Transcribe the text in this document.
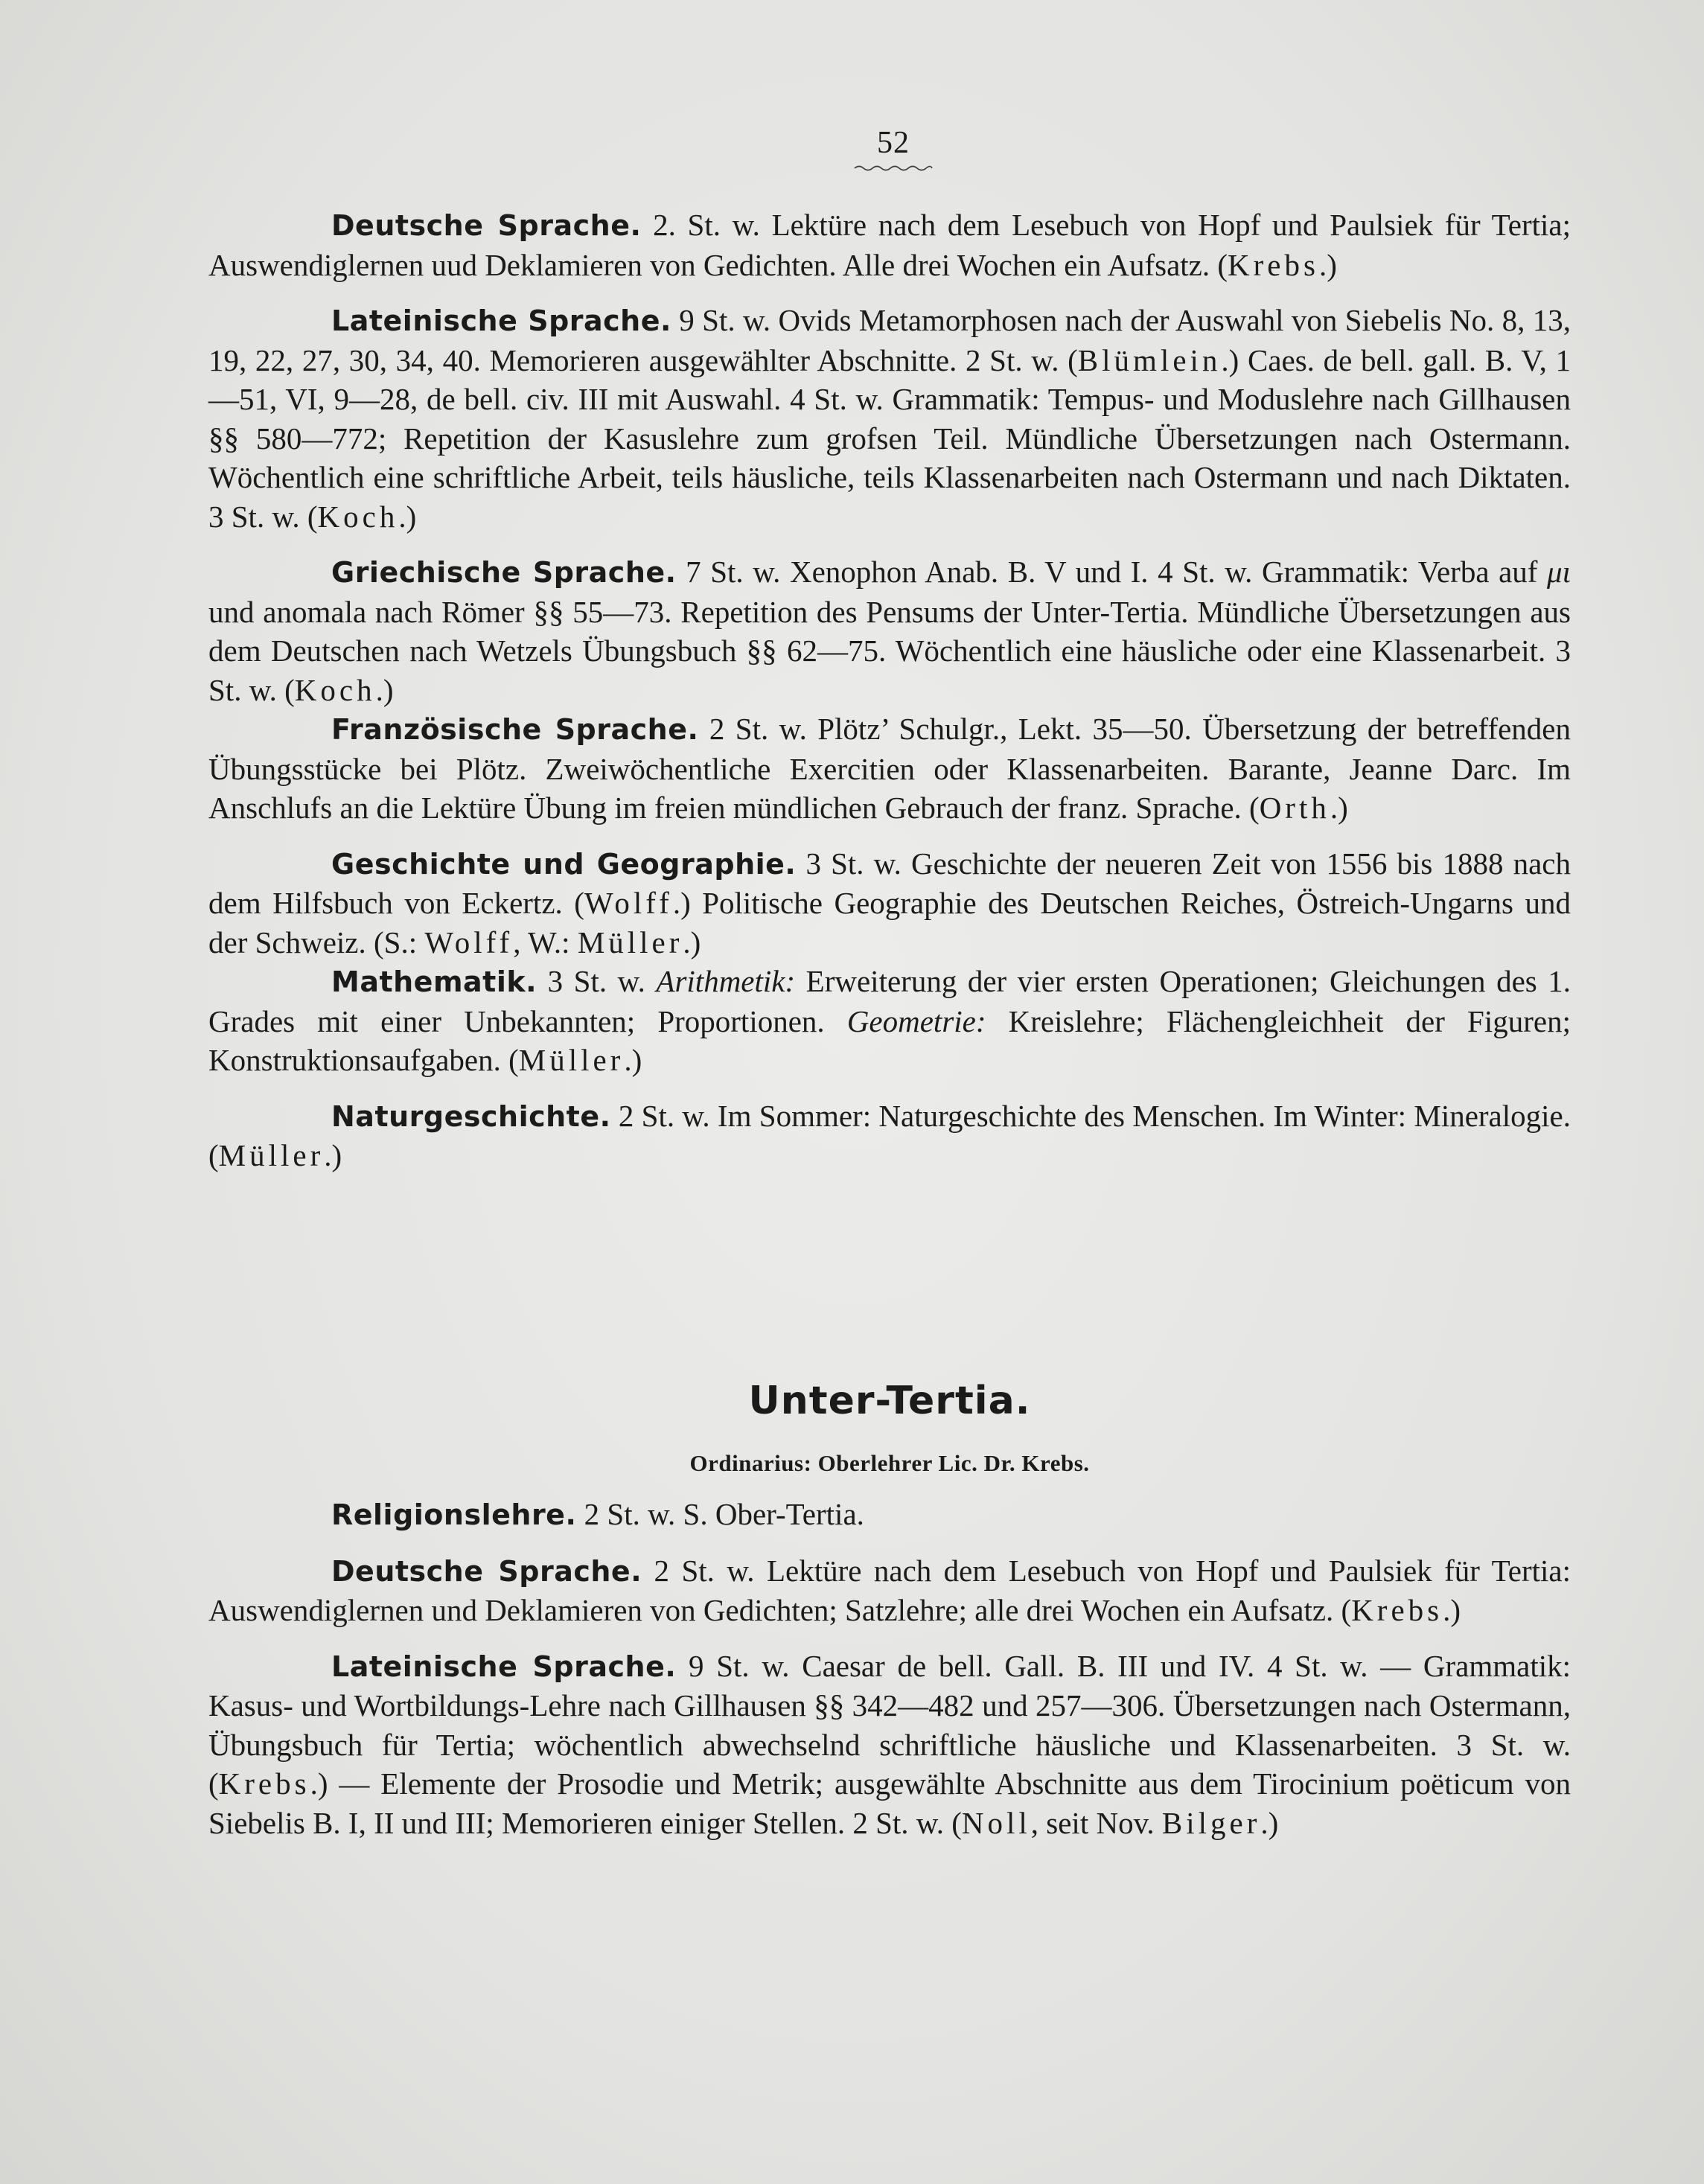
52

Deutsche Sprache. 2. St. w. Lektüre nach dem Lesebuch von Hopf und Paulsiek für Tertia; Auswendiglernen uud Deklamieren von Gedichten. Alle drei Wochen ein Aufsatz. (Krebs.)

Lateinische Sprache. 9 St. w. Ovids Metamorphosen nach der Auswahl von Siebelis No. 8, 13, 19, 22, 27, 30, 34, 40. Memorieren ausgewählter Abschnitte. 2 St. w. (Blümlein.) Caes. de bell. gall. B. V, 1—51, VI, 9—28, de bell. civ. III mit Auswahl. 4 St. w. Grammatik: Tempus- und Moduslehre nach Gillhausen §§ 580—772; Repetition der Kasuslehre zum grofsen Teil. Mündliche Übersetzungen nach Ostermann. Wöchentlich eine schriftliche Arbeit, teils häusliche, teils Klassenarbeiten nach Ostermann und nach Diktaten. 3 St. w. (Koch.)

Griechische Sprache. 7 St. w. Xenophon Anab. B. V und I. 4 St. w. Grammatik: Verba auf μι und anomala nach Römer §§ 55—73. Repetition des Pensums der Unter-Tertia. Mündliche Übersetzungen aus dem Deutschen nach Wetzels Übungsbuch §§ 62—75. Wöchentlich eine häusliche oder eine Klassenarbeit. 3 St. w. (Koch.)

Französische Sprache. 2 St. w. Plötz’ Schulgr., Lekt. 35—50. Übersetzung der betreffenden Übungsstücke bei Plötz. Zweiwöchentliche Exercitien oder Klassenarbeiten. Barante, Jeanne Darc. Im Anschlufs an die Lektüre Übung im freien mündlichen Gebrauch der franz. Sprache. (Orth.)

Geschichte und Geographie. 3 St. w. Geschichte der neueren Zeit von 1556 bis 1888 nach dem Hilfsbuch von Eckertz. (Wolff.) Politische Geographie des Deutschen Reiches, Östreich-Ungarns und der Schweiz. (S.: Wolff, W.: Müller.)

Mathematik. 3 St. w. Arithmetik: Erweiterung der vier ersten Operationen; Gleichungen des 1. Grades mit einer Unbekannten; Proportionen. Geometrie: Kreislehre; Flächengleichheit der Figuren; Konstruktionsaufgaben. (Müller.)

Naturgeschichte. 2 St. w. Im Sommer: Naturgeschichte des Menschen. Im Winter: Mineralogie. (Müller.)

Unter-Tertia.
Ordinarius: Oberlehrer Lic. Dr. Krebs.

Religionslehre. 2 St. w. S. Ober-Tertia.

Deutsche Sprache. 2 St. w. Lektüre nach dem Lesebuch von Hopf und Paulsiek für Tertia: Auswendiglernen und Deklamieren von Gedichten; Satzlehre; alle drei Wochen ein Aufsatz. (Krebs.)

Lateinische Sprache. 9 St. w. Caesar de bell. Gall. B. III und IV. 4 St. w. — Grammatik: Kasus- und Wortbildungs-Lehre nach Gillhausen §§ 342—482 und 257—306. Übersetzungen nach Ostermann, Übungsbuch für Tertia; wöchentlich abwechselnd schriftliche häusliche und Klassenarbeiten. 3 St. w. (Krebs.) — Elemente der Prosodie und Metrik; ausgewählte Abschnitte aus dem Tirocinium poëticum von Siebelis B. I, II und III; Memorieren einiger Stellen. 2 St. w. (Noll, seit Nov. Bilger.)
